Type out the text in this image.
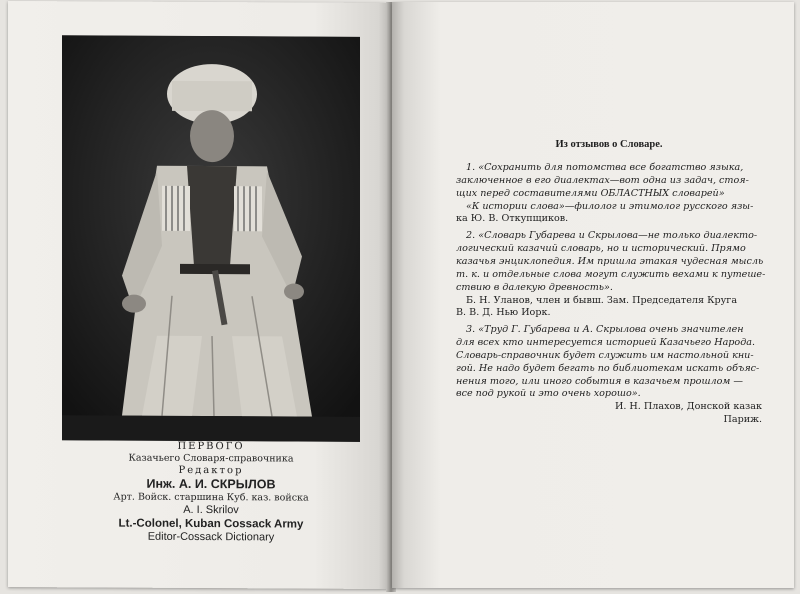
ПЕРВОГО
Казачьего Словаря-справочника
Редактор
Инж. А. И. СКРЫЛОВ
Арт. Войск. старшина Куб. каз. войска
A. I. Skrilov
Lt.-Colonel, Kuban Cossack Army
Editor-Cossack Dictionary
Из отзывов о Словаре.
1. «Сохранить для потомства все богатство языка,
заключенное в его диалектах—вот одна из задач, стоя-
щих перед составителями ОБЛАСТНЫХ словарей»
«К истории слова»—филолог и этимолог русского язы-
ка Ю. В. Откупщиков.
2. «Словарь Губарева и Скрылова—не только диалекто-
логический казачий словарь, но и исторический. Прямо
казачья энциклопедия. Им пришла этакая чудесная мысль
т. к. и отдельные слова могут служить вехами к путеше-
ствию в далекую древность».
Б. Н. Уланов, член и бывш. Зам. Председателя Круга
В. В. Д. Нью Иорк.
3. «Труд Г. Губарева и А. Скрылова очень значителен
для всех кто интересуется историей Казачьего Народа.
Словарь-справочник будет служить им настольной кни-
гой. Не надо будет бегать по библиотекам искать объяс-
нения того, или иного события в казачьем прошлом —
все под рукой и это очень хорошо».
И. Н. Плахов, Донской казак
Париж.
